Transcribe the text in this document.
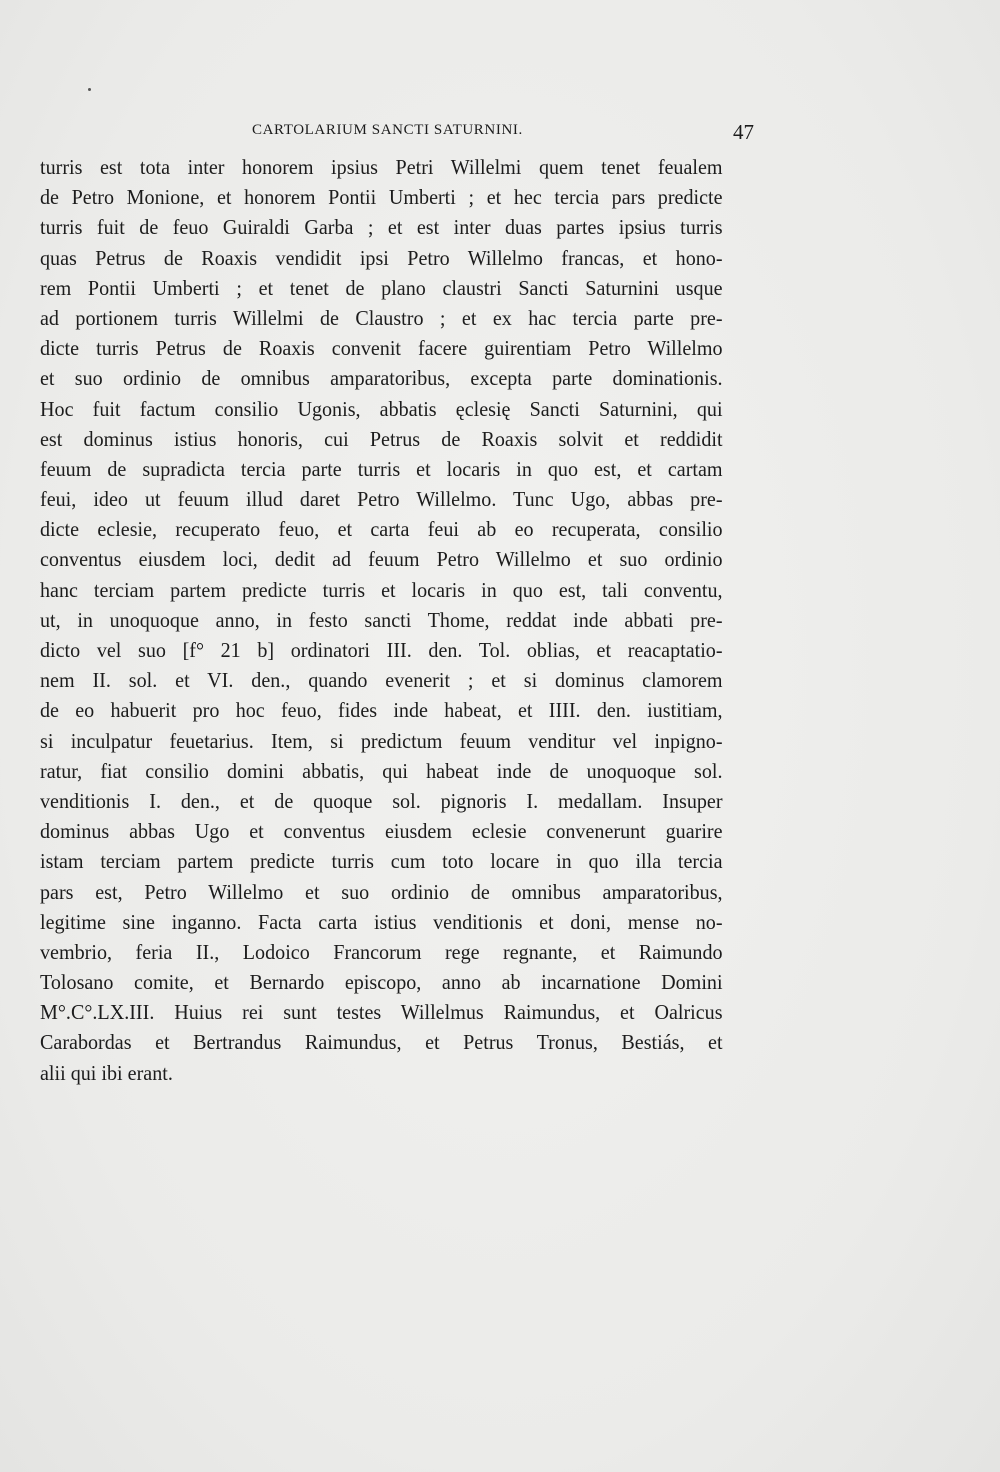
CARTOLARIUM SANCTI SATURNINI.	47
turris est tota inter honorem ipsius Petri Willelmi quem tenet feualem
de Petro Monione, et honorem Pontii Umberti ; et hec tercia pars predicte
turris fuit de feuo Guiraldi Garba ; et est inter duas partes ipsius turris
quas Petrus de Roaxis vendidit ipsi Petro Willelmo francas, et hono-
rem Pontii Umberti ; et tenet de plano claustri Sancti Saturnini usque
ad portionem turris Willelmi de Claustro ; et ex hac tercia parte pre-
dicte turris Petrus de Roaxis convenit facere guirentiam Petro Willelmo
et suo ordinio de omnibus amparatoribus, excepta parte dominationis.
Hoc fuit factum consilio Ugonis, abbatis ęclesię Sancti Saturnini, qui
est dominus istius honoris, cui Petrus de Roaxis solvit et reddidit
feuum de supradicta tercia parte turris et locaris in quo est, et cartam
feui, ideo ut feuum illud daret Petro Willelmo. Tunc Ugo, abbas pre-
dicte eclesie, recuperato feuo, et carta feui ab eo recuperata, consilio
conventus eiusdem loci, dedit ad feuum Petro Willelmo et suo ordinio
hanc terciam partem predicte turris et locaris in quo est, tali conventu,
ut, in unoquoque anno, in festo sancti Thome, reddat inde abbati pre-
dicto vel suo [f° 21 b] ordinatori III. den. Tol. oblias, et reacaptatio-
nem II. sol. et VI. den., quando evenerit ; et si dominus clamorem
de eo habuerit pro hoc feuo, fides inde habeat, et IIII. den. iustitiam,
si inculpatur feuetarius. Item, si predictum feuum venditur vel inpigno-
ratur, fiat consilio domini abbatis, qui habeat inde de unoquoque sol.
venditionis I. den., et de quoque sol. pignoris I. medallam. Insuper
dominus abbas Ugo et conventus eiusdem eclesie convenerunt guarire
istam terciam partem predicte turris cum toto locare in quo illa tercia
pars est, Petro Willelmo et suo ordinio de omnibus amparatoribus,
legitime sine inganno. Facta carta istius venditionis et doni, mense no-
vembrio, feria II., Lodoico Francorum rege regnante, et Raimundo
Tolosano comite, et Bernardo episcopo, anno ab incarnatione Domini
M°.C°.LX.III. Huius rei sunt testes Willelmus Raimundus, et Oalricus
Carabordas et Bertrandus Raimundus, et Petrus Tronus, Bestiás, et
alii qui ibi erant.
